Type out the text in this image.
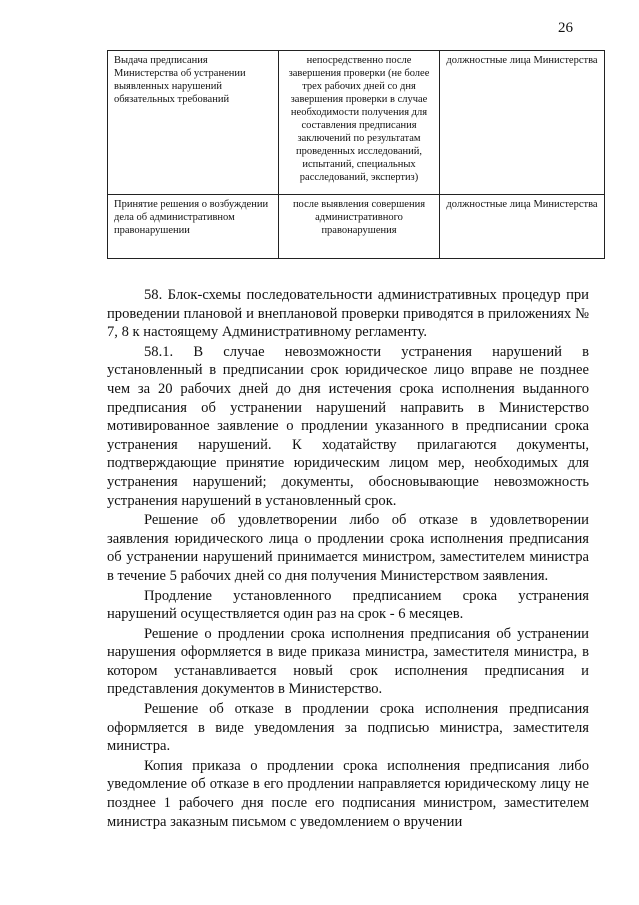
26
Выдача предписания Министерства об устранении выявленных нарушений обязательных требований	непосредственно после завершения проверки (не более трех рабочих дней со дня завершения проверки в случае необходимости получения для составления предписания заключений по результатам проведенных исследований, испытаний, специальных расследований, экспертиз)	должностные лица Министерства
Принятие решения о возбуждении дела об административном правонарушении	после выявления совершения административного правонарушения	должностные лица Министерства

58. Блок-схемы последовательности административных процедур при проведении плановой и внеплановой проверки приводятся в приложениях № 7, 8 к настоящему Административному регламенту.

58.1. В случае невозможности устранения нарушений в установленный в предписании срок юридическое лицо вправе не позднее чем за 20 рабочих дней до дня истечения срока исполнения выданного предписания об устранении нарушений направить в Министерство мотивированное заявление о продлении указанного в предписании срока устранения нарушений. К ходатайству прилагаются документы, подтверждающие принятие юридическим лицом мер, необходимых для устранения нарушений; документы, обосновывающие невозможность устранения нарушений в установленный срок.

Решение об удовлетворении либо об отказе в удовлетворении заявления юридического лица о продлении срока исполнения предписания об устранении нарушений принимается министром, заместителем министра в течение 5 рабочих дней со дня получения Министерством заявления.

Продление установленного предписанием срока устранения нарушений осуществляется один раз на срок - 6 месяцев.

Решение о продлении срока исполнения предписания об устранении нарушения оформляется в виде приказа министра, заместителя министра, в котором устанавливается новый срок исполнения предписания и представления документов в Министерство.

Решение об отказе в продлении срока исполнения предписания оформляется в виде уведомления за подписью министра, заместителя министра.

Копия приказа о продлении срока исполнения предписания либо уведомление об отказе в его продлении направляется юридическому лицу не позднее 1 рабочего дня после его подписания министром, заместителем министра заказным письмом с уведомлением о вручении
